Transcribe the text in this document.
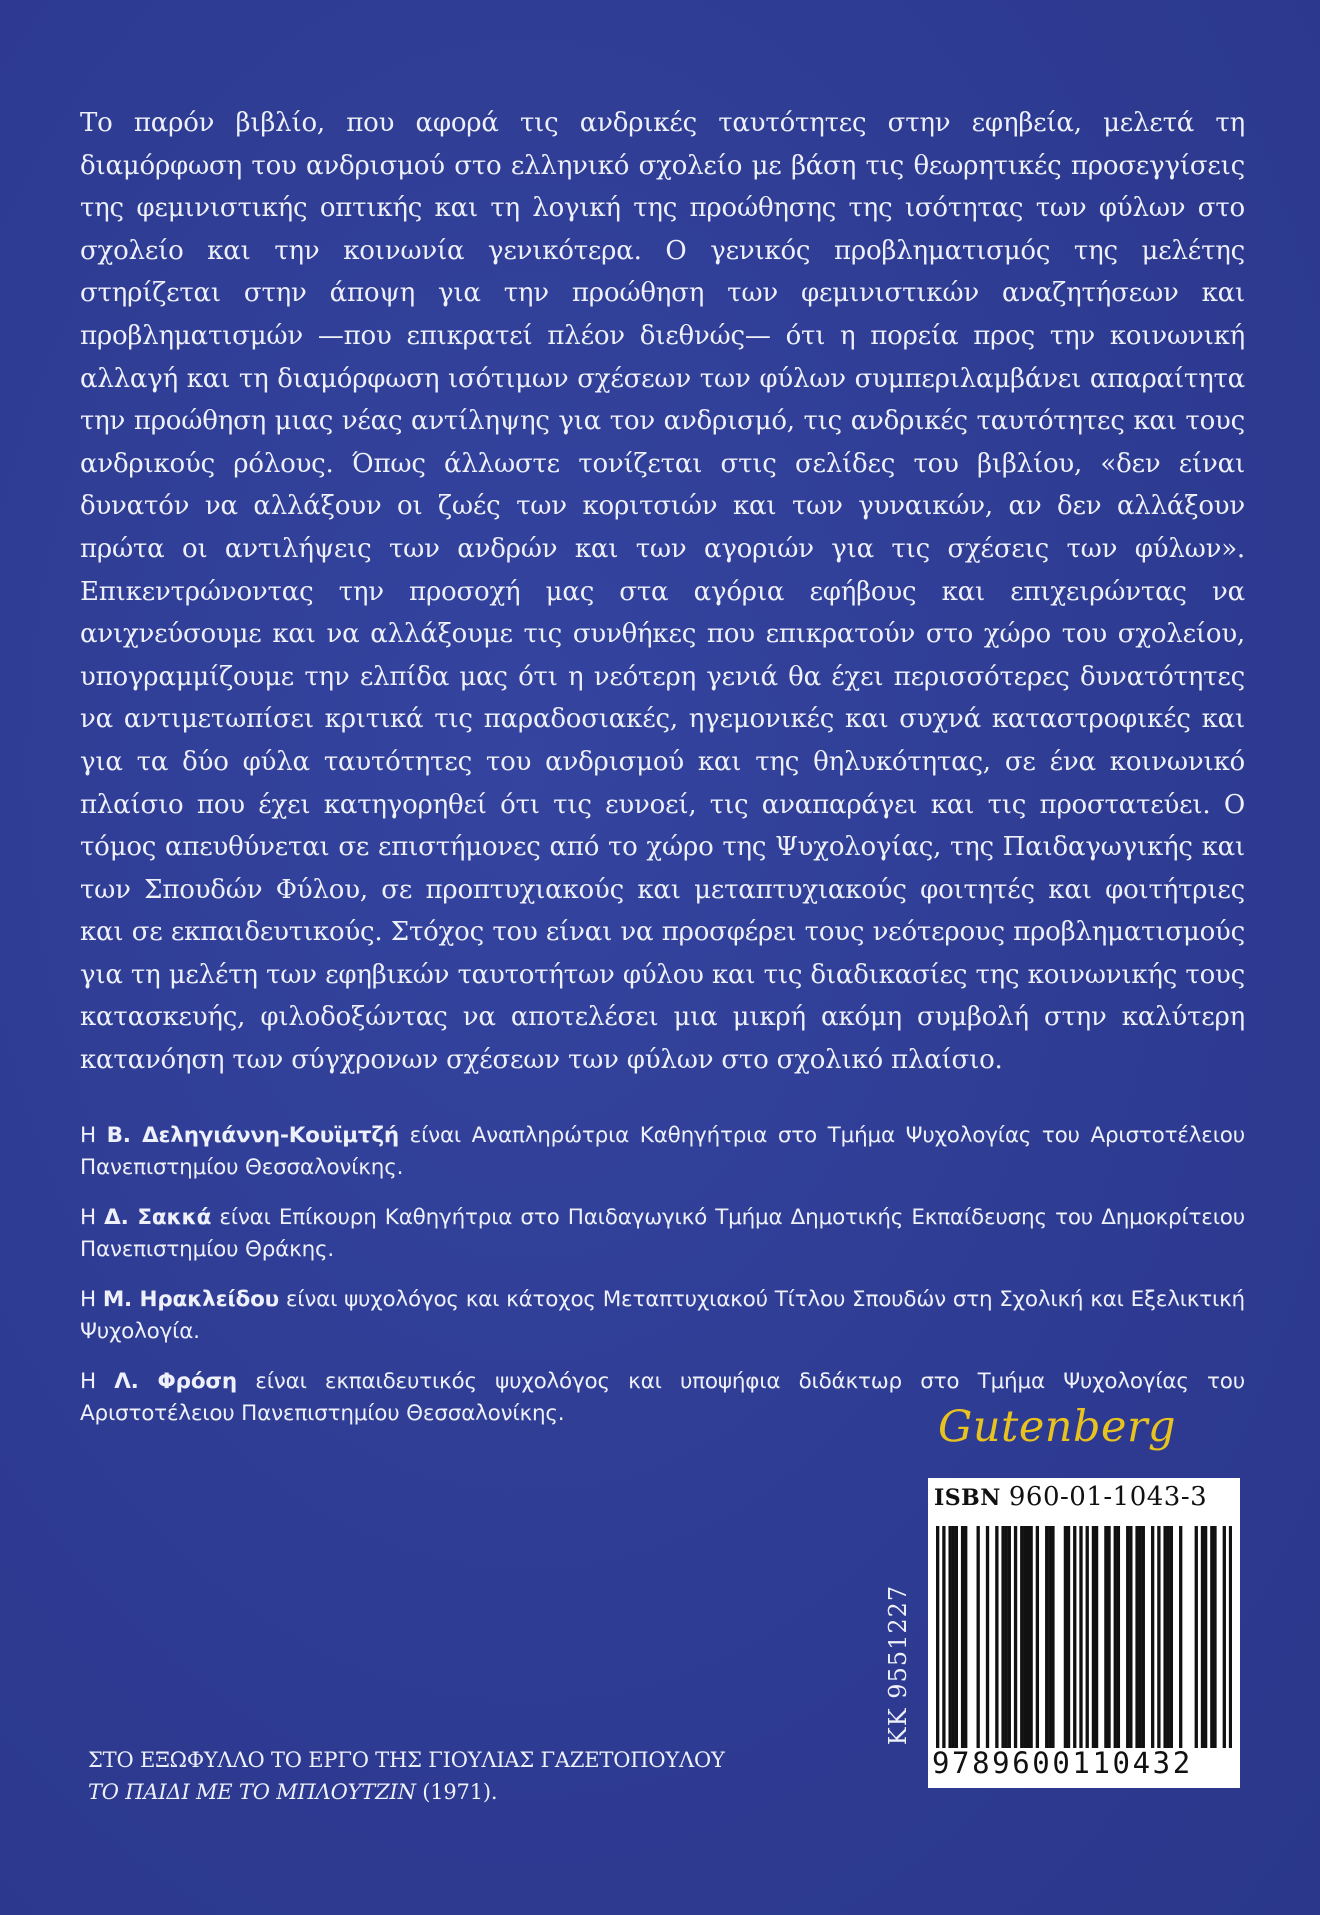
Το παρόν βιβλίο, που αφορά τις ανδρικές ταυτότητες στην εφηβεία, μελετά τη διαμόρφωση του ανδρισμού στο ελληνικό σχολείο με βάση τις θεωρητικές προσεγγίσεις της φεμινιστικής οπτικής και τη λογική της προώθησης της ισότητας των φύλων στο σχολείο και την κοινωνία γενικότερα. Ο γενικός προβληματισμός της μελέτης στηρίζεται στην άποψη για την προώθηση των φεμινιστικών αναζητήσεων και προβληματισμών —που επικρατεί πλέον διεθνώς— ότι η πορεία προς την κοινωνική αλλαγή και τη διαμόρφωση ισότιμων σχέσεων των φύλων συμπεριλαμβάνει απαραίτητα την προώθηση μιας νέας αντίληψης για τον ανδρισμό, τις ανδρικές ταυτότητες και τους ανδρικούς ρόλους. Όπως άλλωστε τονίζεται στις σελίδες του βιβλίου, «δεν είναι δυνατόν να αλλάξουν οι ζωές των κοριτσιών και των γυναικών, αν δεν αλλάξουν πρώτα οι αντιλήψεις των ανδρών και των αγοριών για τις σχέσεις των φύλων». Επικεντρώνοντας την προσοχή μας στα αγόρια εφήβους και επιχειρώντας να ανιχνεύσουμε και να αλλάξουμε τις συνθήκες που επικρατούν στο χώρο του σχολείου, υπογραμμίζουμε την ελπίδα μας ότι η νεότερη γενιά θα έχει περισσότερες δυνατότητες να αντιμετωπίσει κριτικά τις παραδοσιακές, ηγεμονικές και συχνά καταστροφικές και για τα δύο φύλα ταυτότητες του ανδρισμού και της θηλυκότητας, σε ένα κοινωνικό πλαίσιο που έχει κατηγορηθεί ότι τις ευνοεί, τις αναπαράγει και τις προστατεύει. Ο τόμος απευθύνεται σε επιστήμονες από το χώρο της Ψυχολογίας, της Παιδαγωγικής και των Σπουδών Φύλου, σε προπτυχιακούς και μεταπτυχιακούς φοιτητές και φοιτήτριες και σε εκπαιδευτικούς. Στόχος του είναι να προσφέρει τους νεότερους προβληματισμούς για τη μελέτη των εφηβικών ταυτοτήτων φύλου και τις διαδικασίες της κοινωνικής τους κατασκευής, φιλοδοξώντας να αποτελέσει μια μικρή ακόμη συμβολή στην καλύτερη κατανόηση των σύγχρονων σχέσεων των φύλων στο σχολικό πλαίσιο.

Η Β. Δεληγιάννη-Κουϊμτζή είναι Αναπληρώτρια Καθηγήτρια στο Τμήμα Ψυχολογίας του Αριστοτέλειου Πανεπιστημίου Θεσσαλονίκης.

Η Δ. Σακκά είναι Επίκουρη Καθηγήτρια στο Παιδαγωγικό Τμήμα Δημοτικής Εκπαίδευσης του Δημοκρίτειου Πανεπιστημίου Θράκης.

Η Μ. Ηρακλείδου είναι ψυχολόγος και κάτοχος Μεταπτυχιακού Τίτλου Σπουδών στη Σχολική και Εξελικτική Ψυχολογία.

Η Λ. Φρόση είναι εκπαιδευτικός ψυχολόγος και υποψήφια διδάκτωρ στο Τμήμα Ψυχολογίας του Αριστοτέλειου Πανεπιστημίου Θεσσαλονίκης.	Gutenberg
KK 9551227
ISBN 960-01-1043-3
9789600110432
ΣΤΟ ΕΞΩΦΥΛΛΟ ΤΟ ΕΡΓΟ ΤΗΣ ΓΙΟΥΛΙΑΣ ΓΑΖΕΤΟΠΟΥΛΟΥ
ΤΟ ΠΑΙΔΙ ΜΕ ΤΟ ΜΠΛΟΥΤΖΙΝ (1971).
